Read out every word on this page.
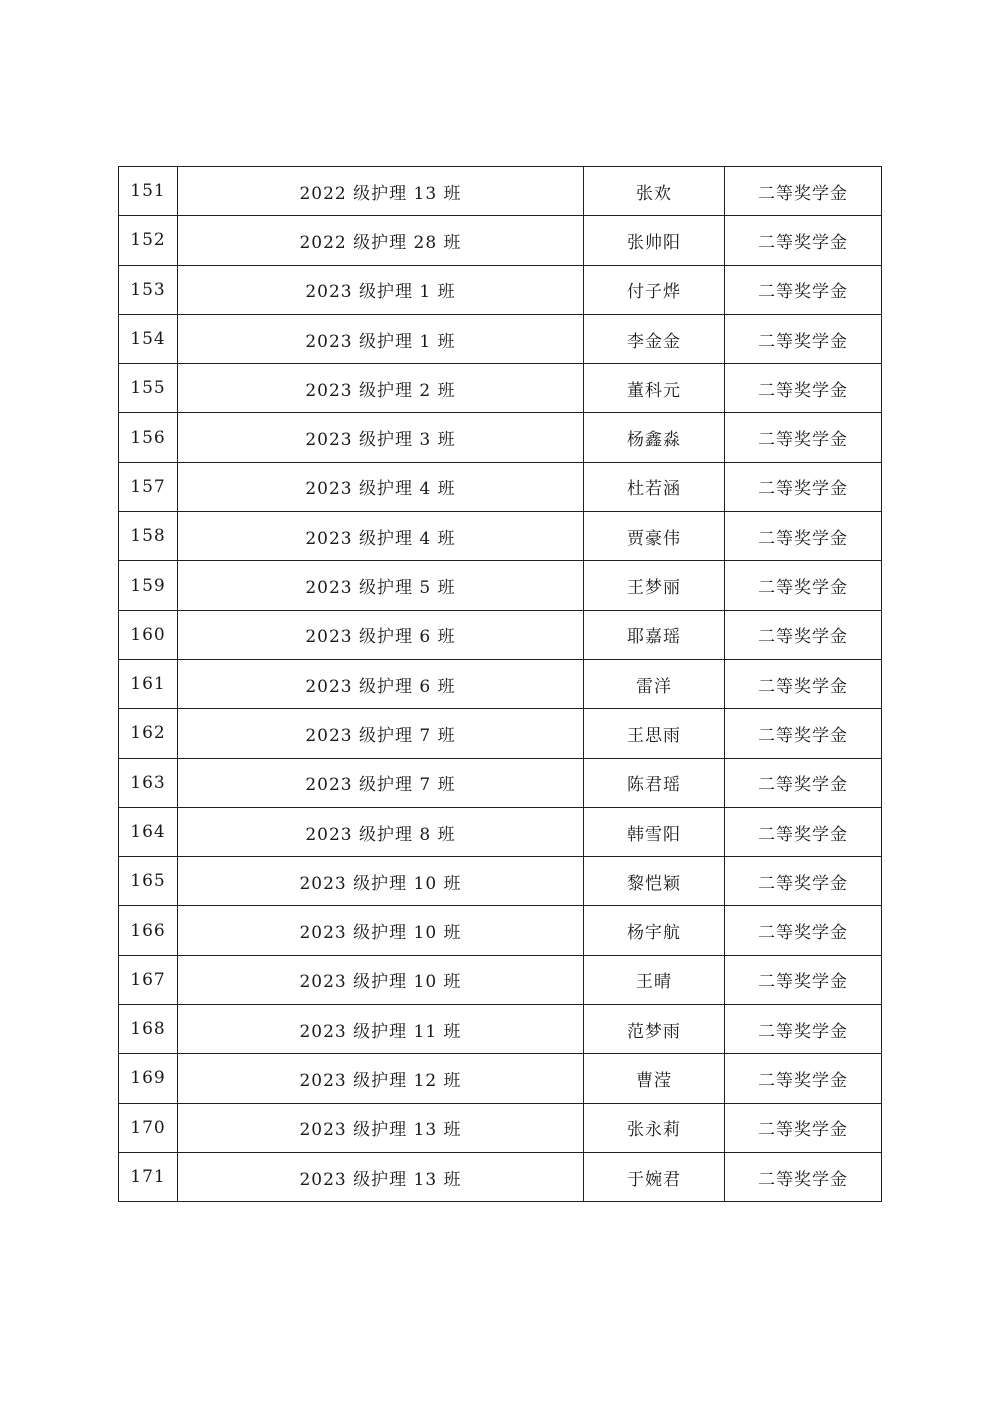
151	2022 级护理 13 班	张欢	二等奖学金
152	2022 级护理 28 班	张帅阳	二等奖学金
153	2023 级护理 1 班	付子烨	二等奖学金
154	2023 级护理 1 班	李金金	二等奖学金
155	2023 级护理 2 班	董科元	二等奖学金
156	2023 级护理 3 班	杨鑫淼	二等奖学金
157	2023 级护理 4 班	杜若涵	二等奖学金
158	2023 级护理 4 班	贾豪伟	二等奖学金
159	2023 级护理 5 班	王梦丽	二等奖学金
160	2023 级护理 6 班	耶嘉瑶	二等奖学金
161	2023 级护理 6 班	雷洋	二等奖学金
162	2023 级护理 7 班	王思雨	二等奖学金
163	2023 级护理 7 班	陈君瑶	二等奖学金
164	2023 级护理 8 班	韩雪阳	二等奖学金
165	2023 级护理 10 班	黎恺颖	二等奖学金
166	2023 级护理 10 班	杨宇航	二等奖学金
167	2023 级护理 10 班	王晴	二等奖学金
168	2023 级护理 11 班	范梦雨	二等奖学金
169	2023 级护理 12 班	曹滢	二等奖学金
170	2023 级护理 13 班	张永莉	二等奖学金
171	2023 级护理 13 班	于婉君	二等奖学金
